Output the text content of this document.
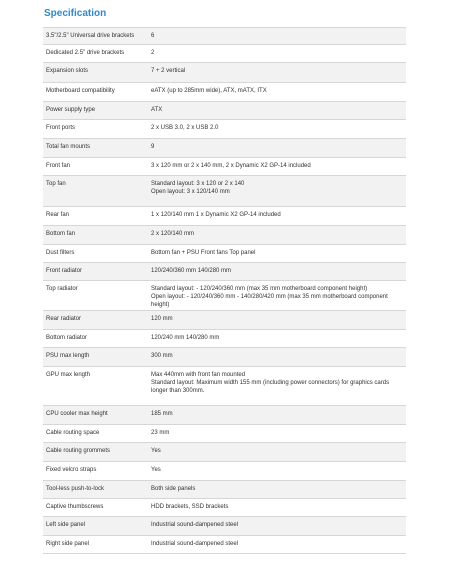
Specification
3.5"/2.5" Universal drive brackets	6

Dedicated 2.5" drive brackets	2

Expansion slots	7 + 2 vertical

Motherboard compatibility	eATX (up to 285mm wide), ATX, mATX, ITX

Power supply type	ATX

Front ports	2 x USB 3.0, 2 x USB 2.0

Total fan mounts	9

Front fan	3 x 120 mm or 2 x 140 mm, 2 x Dynamic X2 GP-14 included

Top fan	Standard layout: 3 x 120 or 2 x 140
Open layout: 3 x 120/140 mm

Rear fan	1 x 120/140 mm 1 x Dynamic X2 GP-14 included

Bottom fan	2 x 120/140 mm

Dust filters	Bottom fan + PSU Front fans Top panel

Front radiator	120/240/360 mm 140/280 mm

Top radiator	Standard layout: - 120/240/360 mm (max 35 mm motherboard component height)
Open layout: - 120/240/360 mm - 140/280/420 mm (max 35 mm motherboard component height)

Rear radiator	120 mm

Bottom radiator	120/240 mm 140/280 mm

PSU max length	300 mm

GPU max length	Max 440mm with front fan mounted
Standard layout: Maximum width 155 mm (including power connectors) for graphics cards longer than 300mm.

CPU cooler max height	185 mm

Cable routing space	23 mm

Cable routing grommets	Yes

Fixed velcro straps	Yes

Tool-less push-to-lock	Both side panels

Captive thumbscrews	HDD brackets, SSD brackets

Left side panel	Industrial sound-dampened steel

Right side panel	Industrial sound-dampened steel
